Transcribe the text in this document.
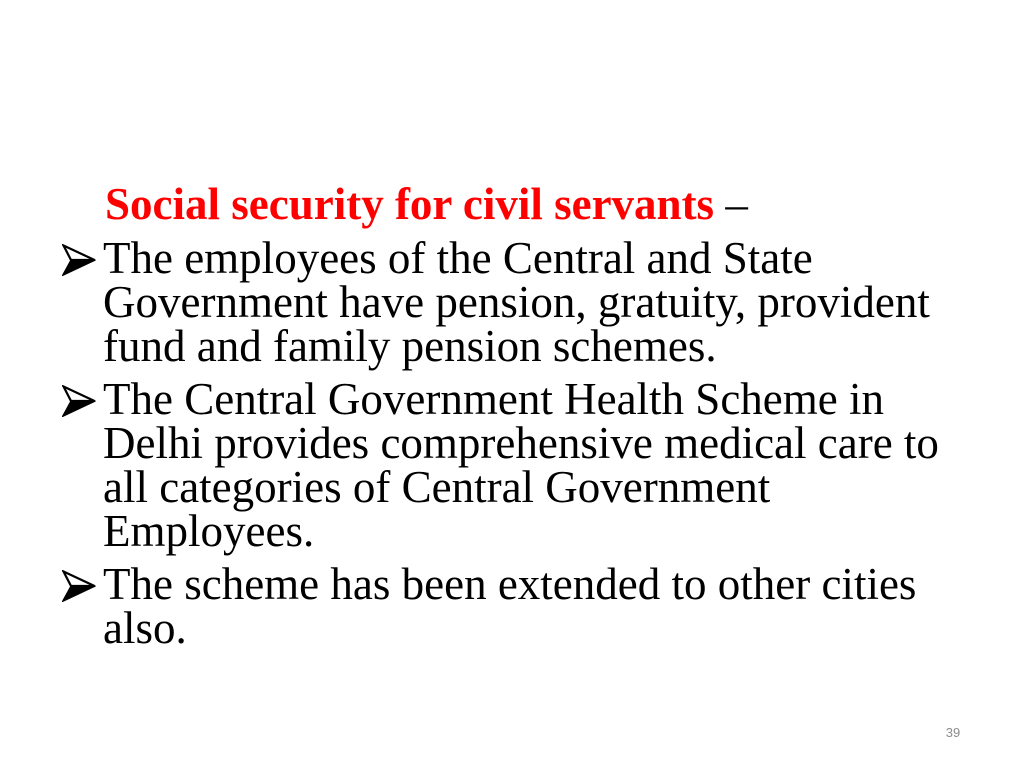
Social security for civil servants –
The employees of the Central and State
Government have pension, gratuity, provident
fund and family pension schemes.
The Central Government Health Scheme in
Delhi provides comprehensive medical care to
all categories of Central Government
Employees.
The scheme has been extended to other cities
also.
39
